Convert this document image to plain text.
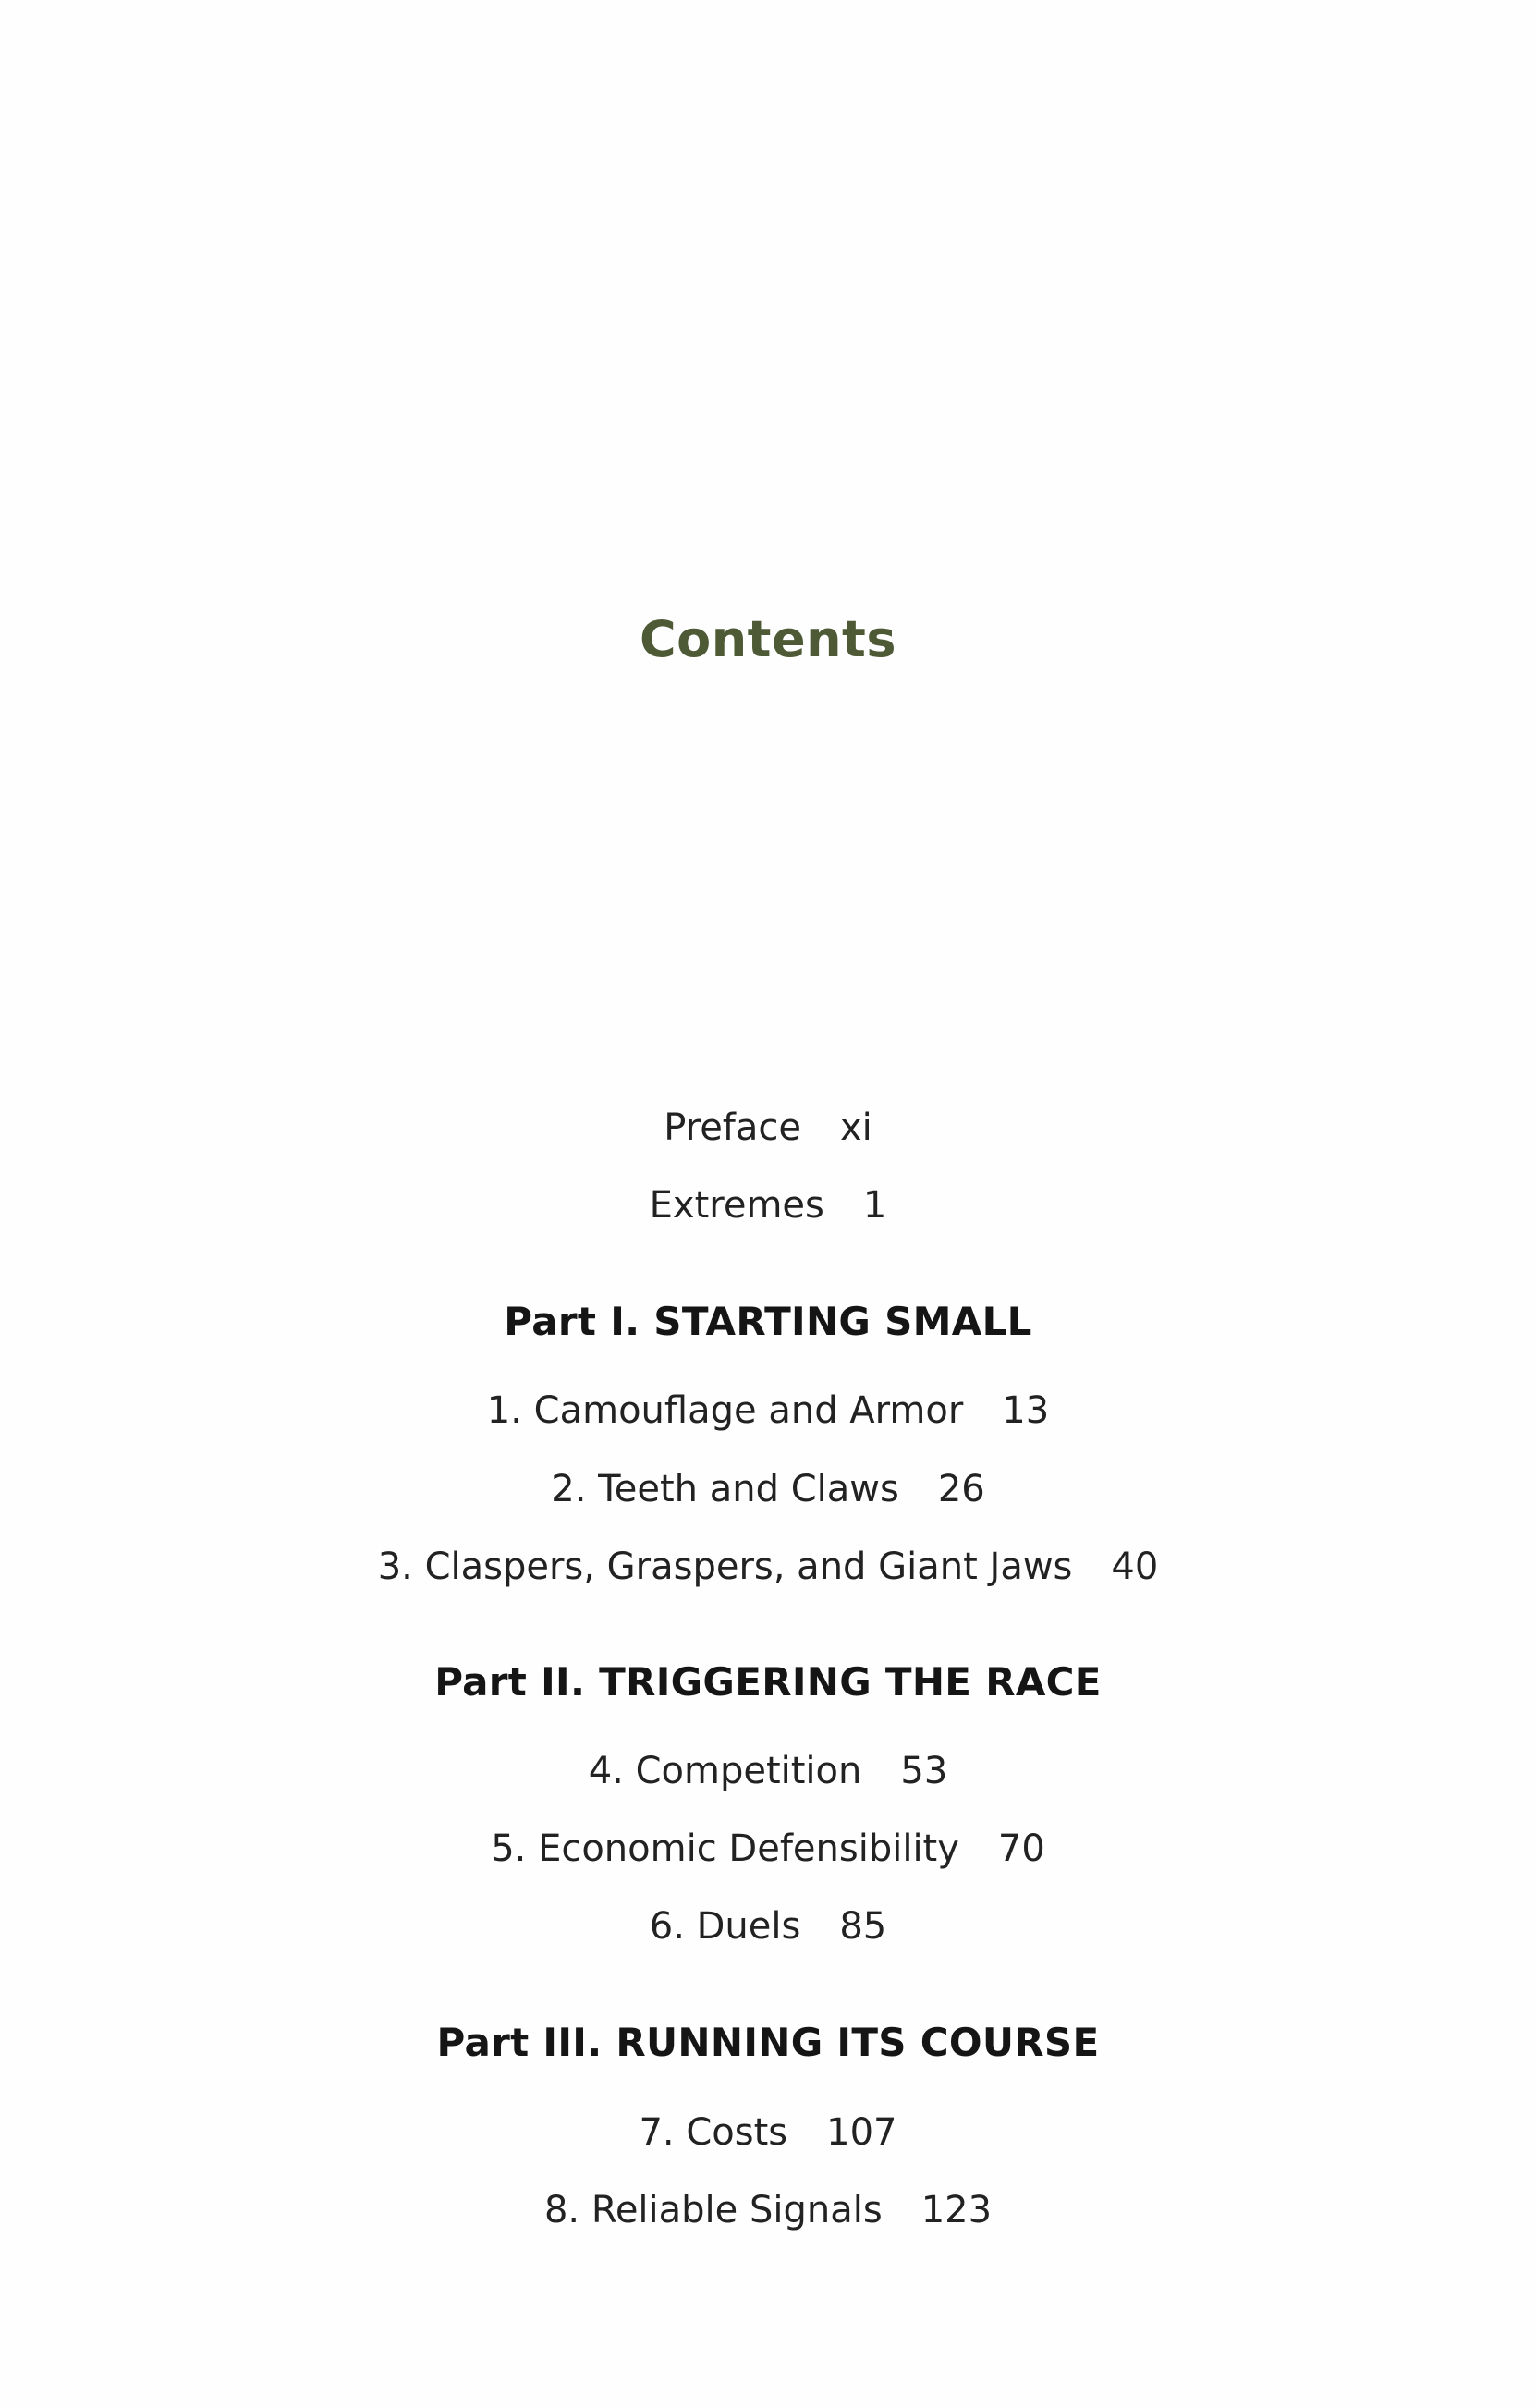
Contents
Preface xi
Extremes 1
Part I. STARTING SMALL
1. Camouflage and Armor 13
2. Teeth and Claws 26
3. Claspers, Graspers, and Giant Jaws 40
Part II. TRIGGERING THE RACE
4. Competition 53
5. Economic Defensibility 70
6. Duels 85
Part III. RUNNING ITS COURSE
7. Costs 107
8. Reliable Signals 123
